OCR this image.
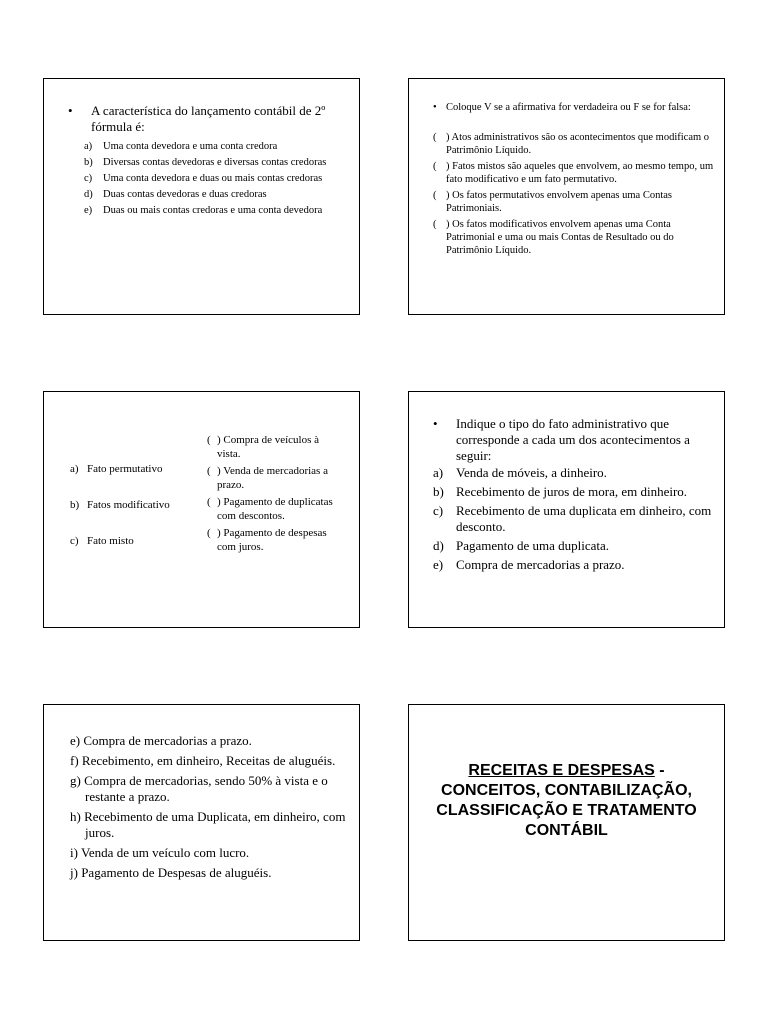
• A característica do lançamento contábil de 2º fórmula é:
a) Uma conta devedora e uma conta credora
b) Diversas contas devedoras e diversas contas credoras
c) Uma conta devedora e duas ou mais contas credoras
d) Duas contas devedoras e duas credoras
e) Duas ou mais contas credoras e uma conta devedora
• Coloque V se a afirmativa for verdadeira ou F se for falsa:
( ) Atos administrativos são os acontecimentos que modificam o Patrimônio Líquido.
( ) Fatos mistos são aqueles que envolvem, ao mesmo tempo, um fato modificativo e um fato permutativo.
( ) Os fatos permutativos envolvem apenas uma Contas Patrimoniais.
( ) Os fatos modificativos envolvem apenas uma Conta Patrimonial e uma ou mais Contas de Resultado ou do Patrimônio Líquido.
a) Fato permutativo
b) Fatos modificativo
c) Fato misto
( ) Compra de veículos à vista.
( ) Venda de mercadorias a prazo.
( ) Pagamento de duplicatas com descontos.
( ) Pagamento de despesas com juros.
• Indique o tipo do fato administrativo que corresponde a cada um dos acontecimentos a seguir:
a) Venda de móveis, a dinheiro.
b) Recebimento de juros de mora, em dinheiro.
c) Recebimento de uma duplicata em dinheiro, com desconto.
d) Pagamento de uma duplicata.
e) Compra de mercadorias a prazo.
e) Compra de mercadorias a prazo.
f) Recebimento, em dinheiro, Receitas de aluguéis.
g) Compra de mercadorias, sendo 50% à vista e o restante a prazo.
h) Recebimento de uma Duplicata, em dinheiro, com juros.
i) Venda de um veículo com lucro.
j) Pagamento de Despesas de aluguéis.
RECEITAS E DESPESAS - CONCEITOS, CONTABILIZAÇÃO, CLASSIFICAÇÃO E TRATAMENTO CONTÁBIL
